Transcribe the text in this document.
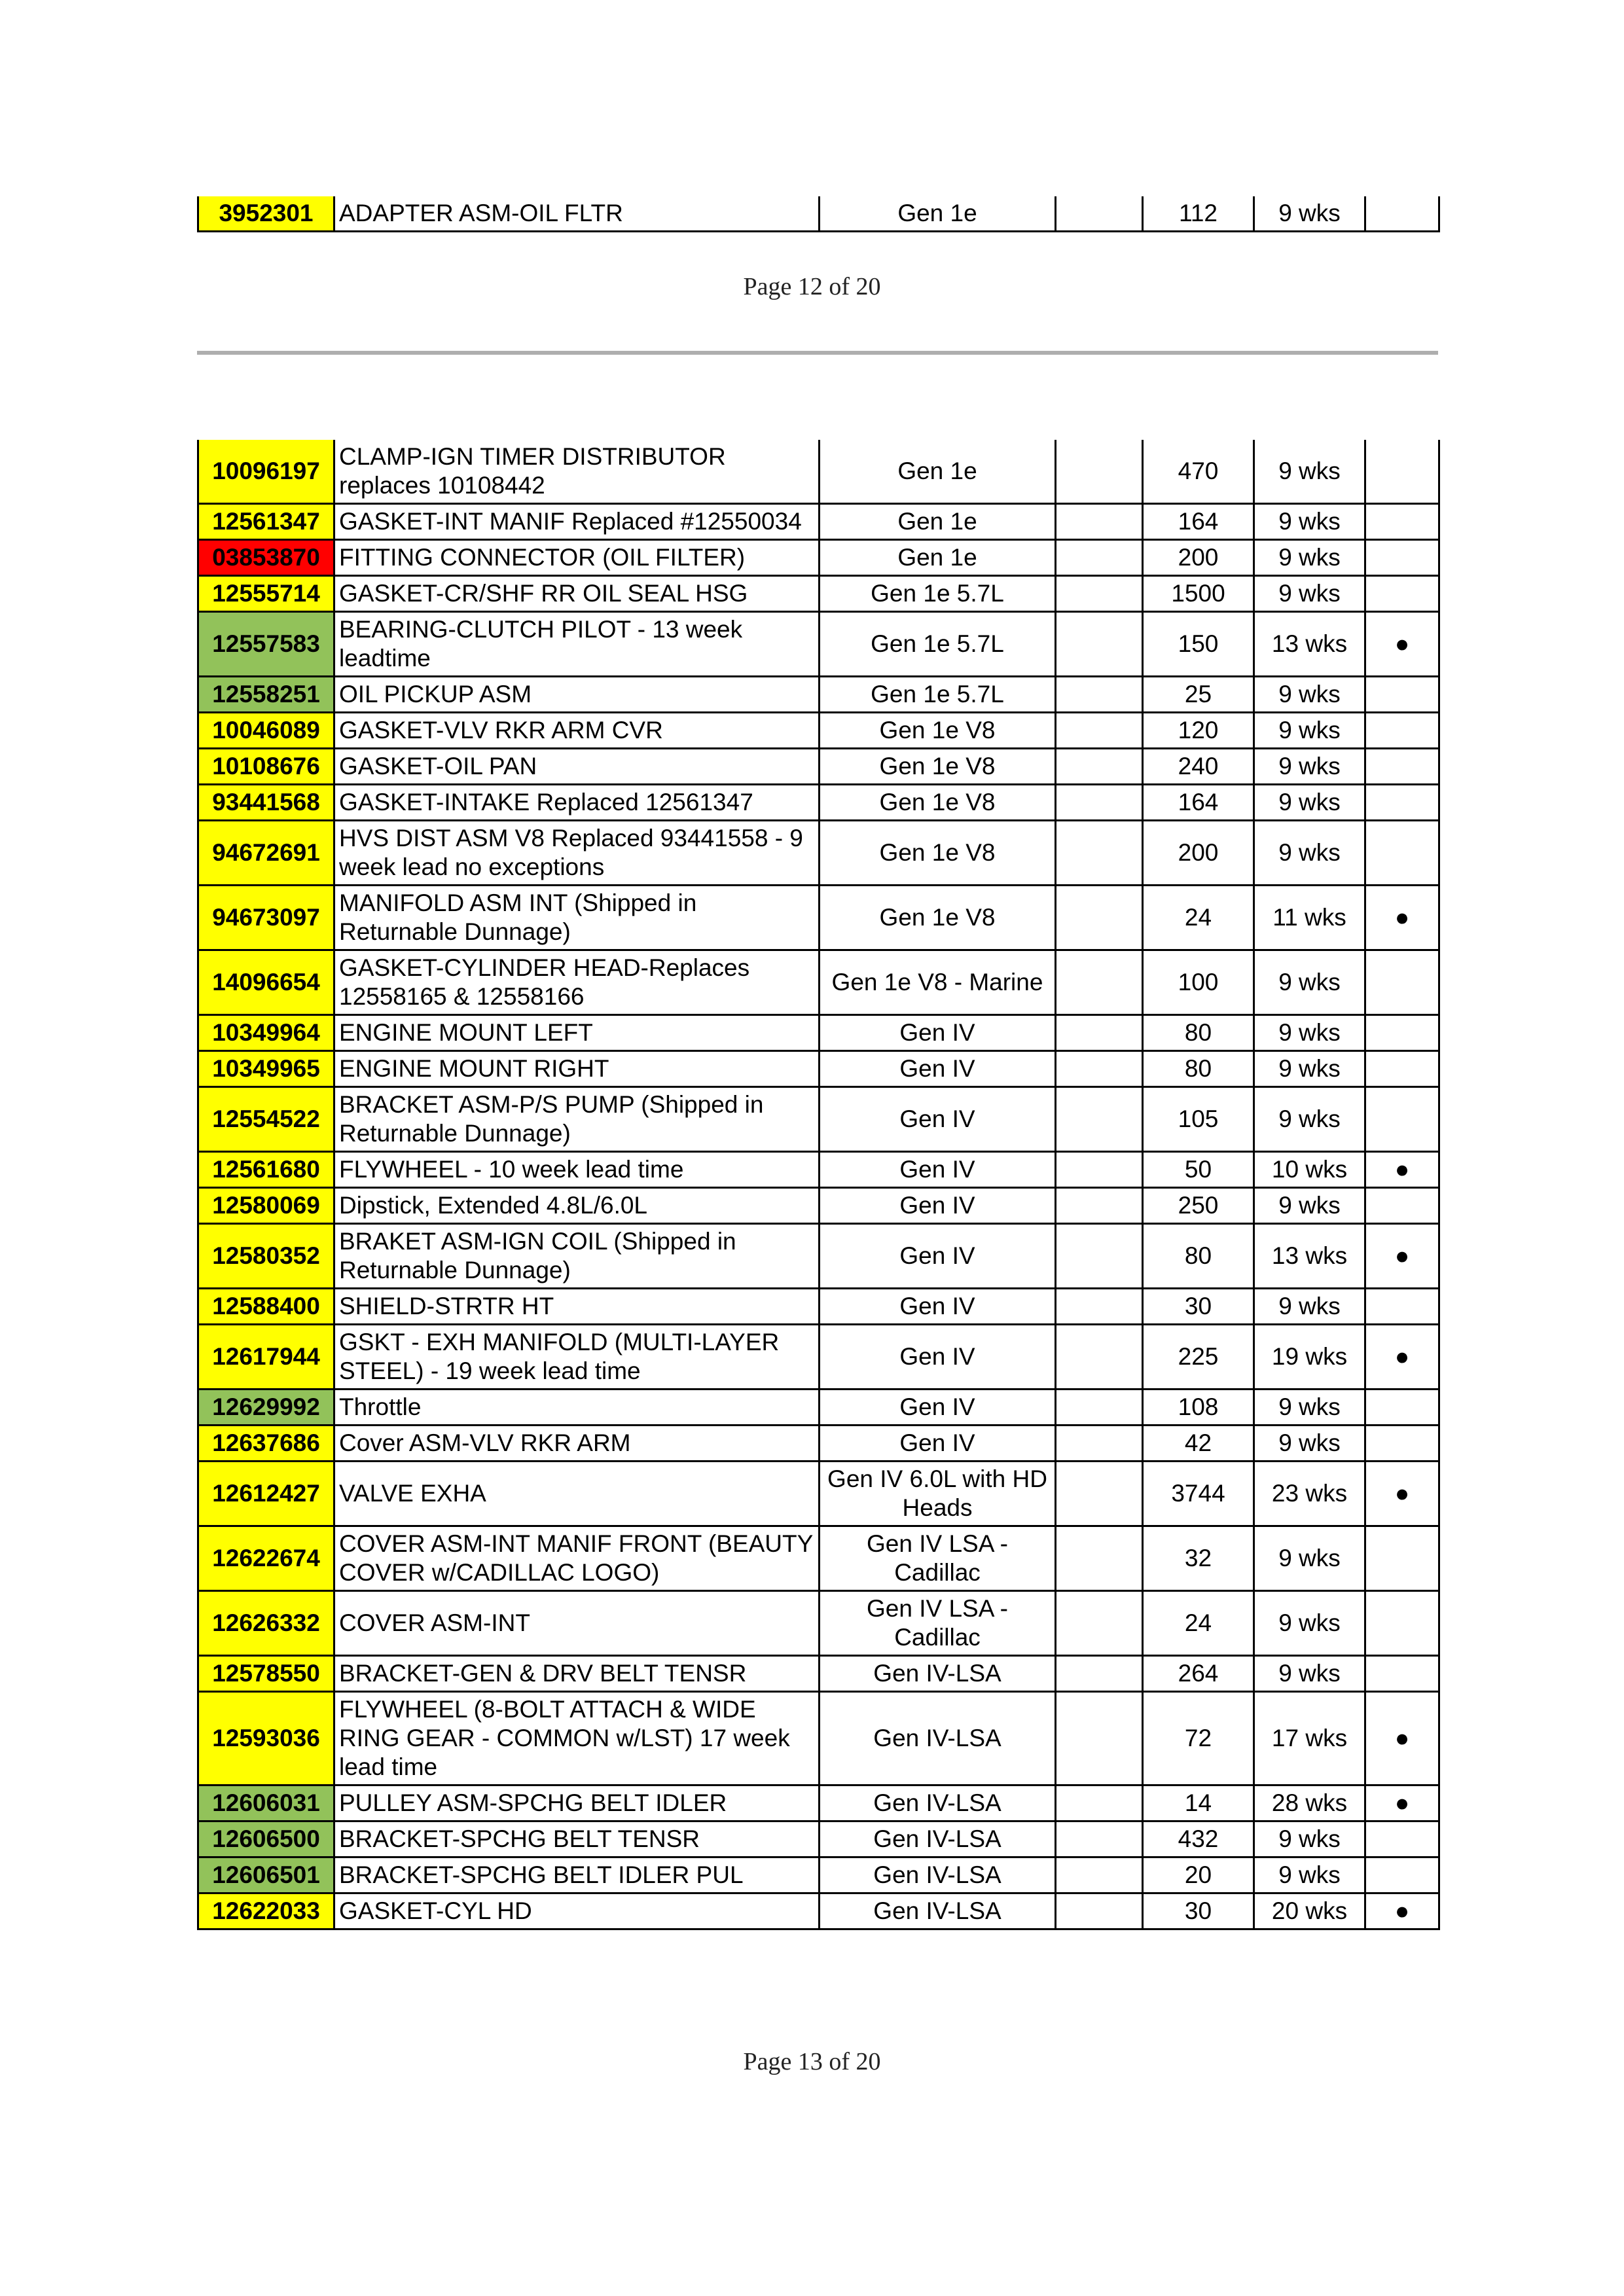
3952301	ADAPTER ASM-OIL FLTR	Gen 1e		112	9 wks	
Page 12 of 20
10096197	CLAMP-IGN TIMER DISTRIBUTOR replaces 10108442	Gen 1e		470	9 wks	
12561347	GASKET-INT MANIF Replaced #12550034	Gen 1e		164	9 wks	
03853870	FITTING CONNECTOR (OIL FILTER)	Gen 1e		200	9 wks	
12555714	GASKET-CR/SHF RR OIL SEAL HSG	Gen 1e 5.7L		1500	9 wks	
12557583	BEARING-CLUTCH PILOT - 13 week leadtime	Gen 1e 5.7L		150	13 wks	●
12558251	OIL PICKUP ASM	Gen 1e 5.7L		25	9 wks	
10046089	GASKET-VLV RKR ARM CVR	Gen 1e V8		120	9 wks	
10108676	GASKET-OIL PAN	Gen 1e V8		240	9 wks	
93441568	GASKET-INTAKE Replaced 12561347	Gen 1e V8		164	9 wks	
94672691	HVS DIST ASM V8 Replaced 93441558 - 9 week lead no exceptions	Gen 1e V8		200	9 wks	
94673097	MANIFOLD ASM INT (Shipped in Returnable Dunnage)	Gen 1e V8		24	11 wks	●
14096654	GASKET-CYLINDER HEAD-Replaces 12558165 & 12558166	Gen 1e V8 - Marine		100	9 wks	
10349964	ENGINE MOUNT LEFT	Gen IV		80	9 wks	
10349965	ENGINE MOUNT RIGHT	Gen IV		80	9 wks	
12554522	BRACKET ASM-P/S PUMP (Shipped in Returnable Dunnage)	Gen IV		105	9 wks	
12561680	FLYWHEEL - 10 week lead time	Gen IV		50	10 wks	●
12580069	Dipstick, Extended 4.8L/6.0L	Gen IV		250	9 wks	
12580352	BRAKET ASM-IGN COIL (Shipped in Returnable Dunnage)	Gen IV		80	13 wks	●
12588400	SHIELD-STRTR HT	Gen IV		30	9 wks	
12617944	GSKT - EXH MANIFOLD (MULTI-LAYER STEEL) - 19 week lead time	Gen IV		225	19 wks	●
12629992	Throttle	Gen IV		108	9 wks	
12637686	Cover ASM-VLV RKR ARM	Gen IV		42	9 wks	
12612427	VALVE EXHA	Gen IV 6.0L with HD Heads		3744	23 wks	●
12622674	COVER ASM-INT MANIF FRONT (BEAUTY COVER w/CADILLAC LOGO)	Gen IV LSA - Cadillac		32	9 wks	
12626332	COVER ASM-INT	Gen IV LSA - Cadillac		24	9 wks	
12578550	BRACKET-GEN & DRV BELT TENSR	Gen IV-LSA		264	9 wks	
12593036	FLYWHEEL (8-BOLT ATTACH & WIDE RING GEAR - COMMON w/LST) 17 week lead time	Gen IV-LSA		72	17 wks	●
12606031	PULLEY ASM-SPCHG BELT IDLER	Gen IV-LSA		14	28 wks	●
12606500	BRACKET-SPCHG BELT TENSR	Gen IV-LSA		432	9 wks	
12606501	BRACKET-SPCHG BELT IDLER PUL	Gen IV-LSA		20	9 wks	
12622033	GASKET-CYL HD	Gen IV-LSA		30	20 wks	●
Page 13 of 20
